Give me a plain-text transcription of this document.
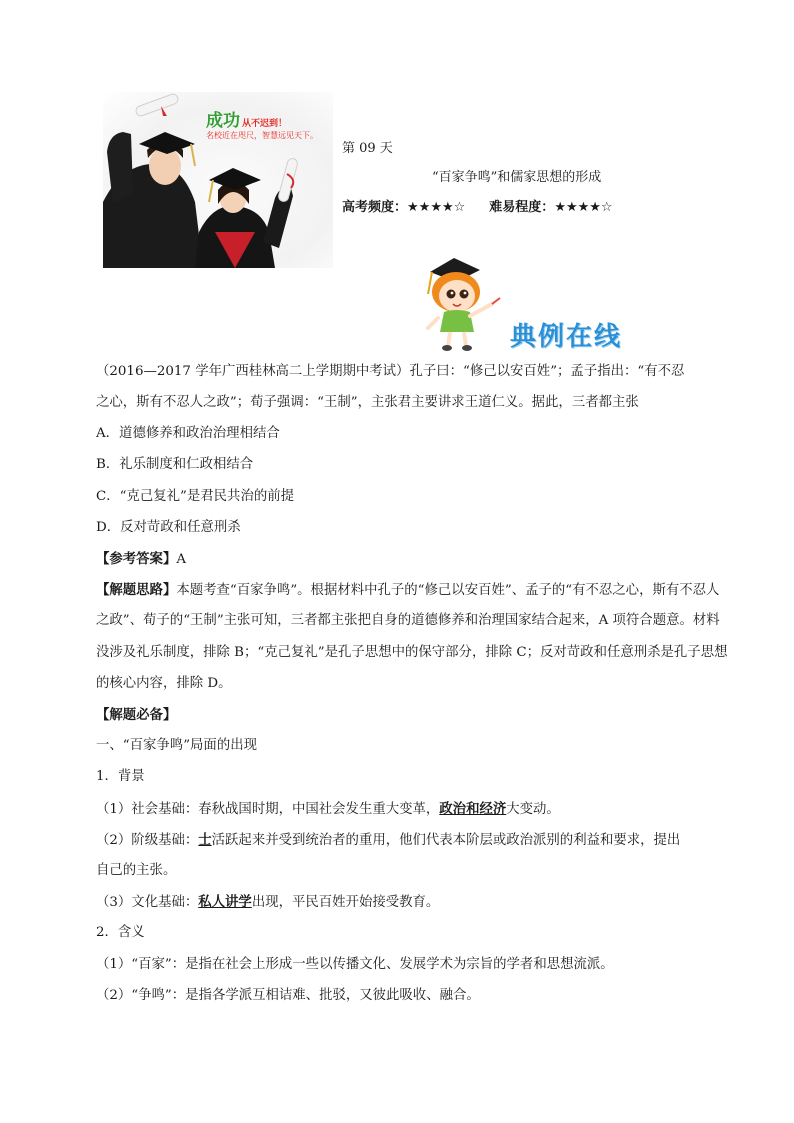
成功 从不迟到！
名校近在咫尺，智慧远见天下。
第 09 天
“百家争鸣”和儒家思想的形成
高考频度：★★★★☆ 难易程度：★★★★☆
典例在线
（2016—2017 学年广西桂林高二上学期期中考试）孔子曰：“修己以安百姓”；孟子指出：“有不忍
之心，斯有不忍人之政”；荀子强调：“王制”，主张君主要讲求王道仁义。据此，三者都主张
A．道德修养和政治治理相结合
B．礼乐制度和仁政相结合
C．“克己复礼”是君民共治的前提
D．反对苛政和任意刑杀
【参考答案】A
【解题思路】本题考查“百家争鸣”。根据材料中孔子的“修己以安百姓”、孟子的“有不忍之心，斯有不忍人
之政”、荀子的“王制”主张可知，三者都主张把自身的道德修养和治理国家结合起来，A 项符合题意。材料
没涉及礼乐制度，排除 B；“克己复礼”是孔子思想中的保守部分，排除 C；反对苛政和任意刑杀是孔子思想
的核心内容，排除 D。
【解题必备】
一、“百家争鸣”局面的出现
1．背景
（1）社会基础：春秋战国时期，中国社会发生重大变革，政治和经济大变动。
（2）阶级基础：士活跃起来并受到统治者的重用，他们代表本阶层或政治派别的利益和要求，提出
自己的主张。
（3）文化基础：私人讲学出现，平民百姓开始接受教育。
2．含义
（1）“百家”：是指在社会上形成一些以传播文化、发展学术为宗旨的学者和思想流派。
（2）“争鸣”：是指各学派互相诘难、批驳，又彼此吸收、融合。
